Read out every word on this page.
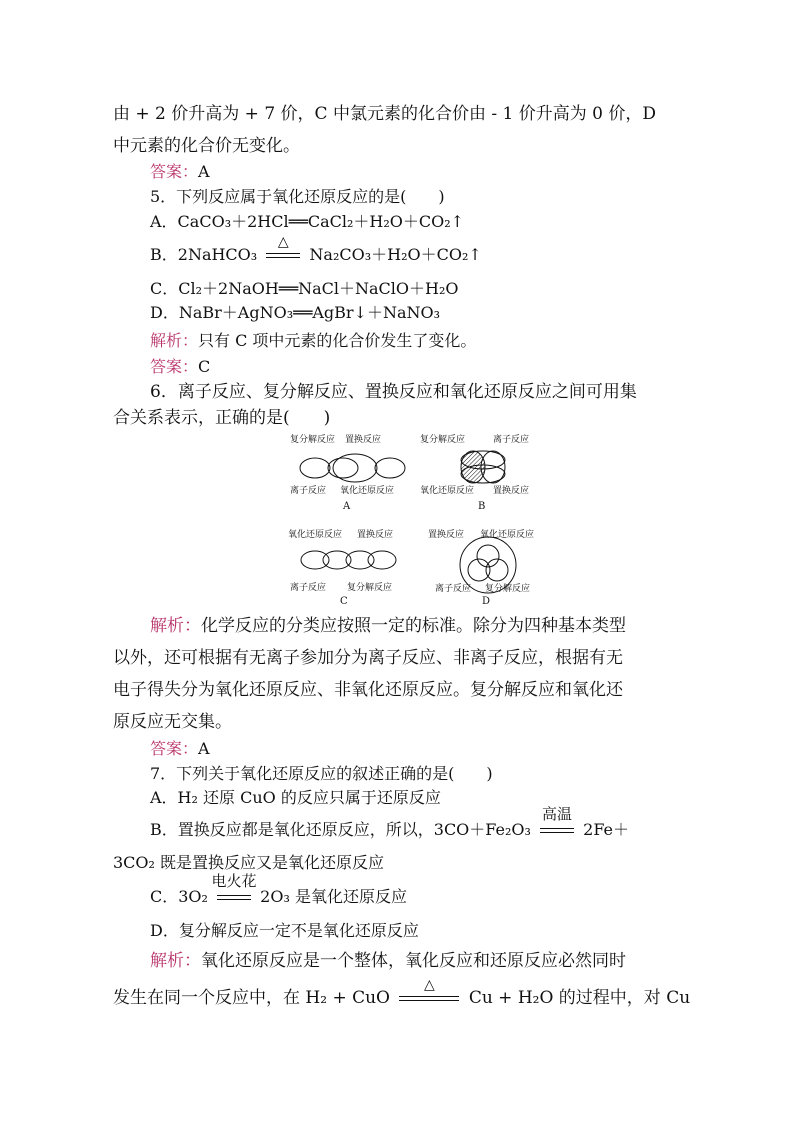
由 + 2 价升高为 + 7 价，C 中氯元素的化合价由 - 1 价升高为 0 价，D
中元素的化合价无变化。
答案：A
5．下列反应属于氧化还原反应的是(　　)
A．CaCO₃＋2HCl══CaCl₂＋H₂O＋CO₂↑
B．2NaHCO₃
△
Na₂CO₃＋H₂O＋CO₂↑
C．Cl₂＋2NaOH══NaCl＋NaClO＋H₂O
D．NaBr＋AgNO₃══AgBr↓＋NaNO₃
解析：只有 C 项中元素的化合价发生了变化。
答案：C
6．离子反应、复分解反应、置换反应和氧化还原反应之间可用集
合关系表示，正确的是(　　)
复分解反应 置换反应
离子反应 氧化还原反应
A
复分解反应	离子反应
氧化还原反应 置换反应
B
氧化还原反应 置换反应
离子反应 复分解反应
C
置换反应 氧化还原反应
离子反应 复分解反应
D
解析：化学反应的分类应按照一定的标准。除分为四种基本类型
以外，还可根据有无离子参加分为离子反应、非离子反应，根据有无
电子得失分为氧化还原反应、非氧化还原反应。复分解反应和氧化还
原反应无交集。
答案：A
7．下列关于氧化还原反应的叙述正确的是(　　)
A．H₂ 还原 CuO 的反应只属于还原反应
B．置换反应都是氧化还原反应，所以，3CO＋Fe₂O₃
高温
2Fe＋
3CO₂ 既是置换反应又是氧化还原反应
C．3O₂
电火花
2O₃ 是氧化还原反应
D．复分解反应一定不是氧化还原反应
解析：氧化还原反应是一个整体，氧化反应和还原反应必然同时
发生在同一个反应中，在 H₂ + CuO
△
Cu + H₂O 的过程中，对 Cu
